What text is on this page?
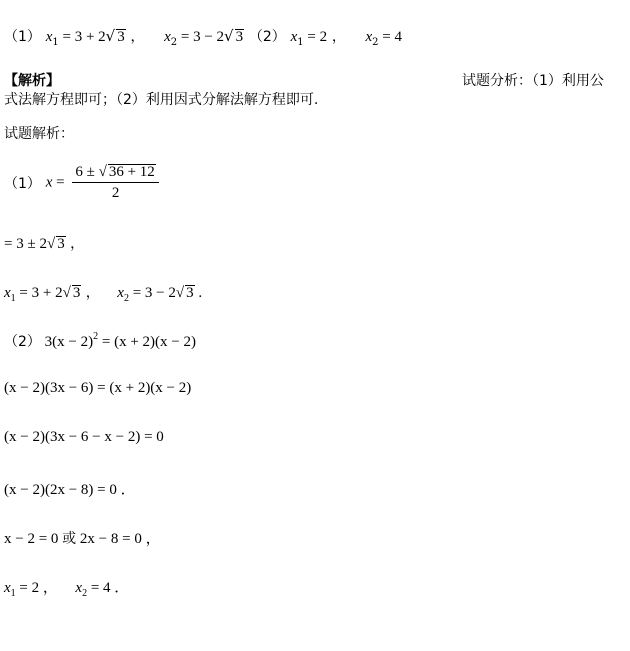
（1） $x_1 = 3 + 2√$ 3 ， $x_2 = 3 - 2√$ 3 （2） $x_1 = 2$ ， $x_2 = 4$
【解析】	试题分析：（1）利用公
式法解方程即可；（2）利用因式分解法解方程即可.
试题解析：
（1） $x = \frac{6 \pm √ 36 + 12}{2}$
= 3 ± 2√ 3 ，
$x_1 = 3 + 2√$ 3 ， $x_2 = 3 - 2√$ 3 .
（2） $3(x - 2)^2 = (x + 2)(x - 2)$
(x − 2)(3x − 6) = (x + 2)(x − 2)
(x − 2)(3x − 6 − x − 2) = 0
(x − 2)(2x − 8) = 0 ．
x − 2 = 0 或 2x − 8 = 0 ，
$x_1 = 2$ ， $x_2 = 4$ ．
